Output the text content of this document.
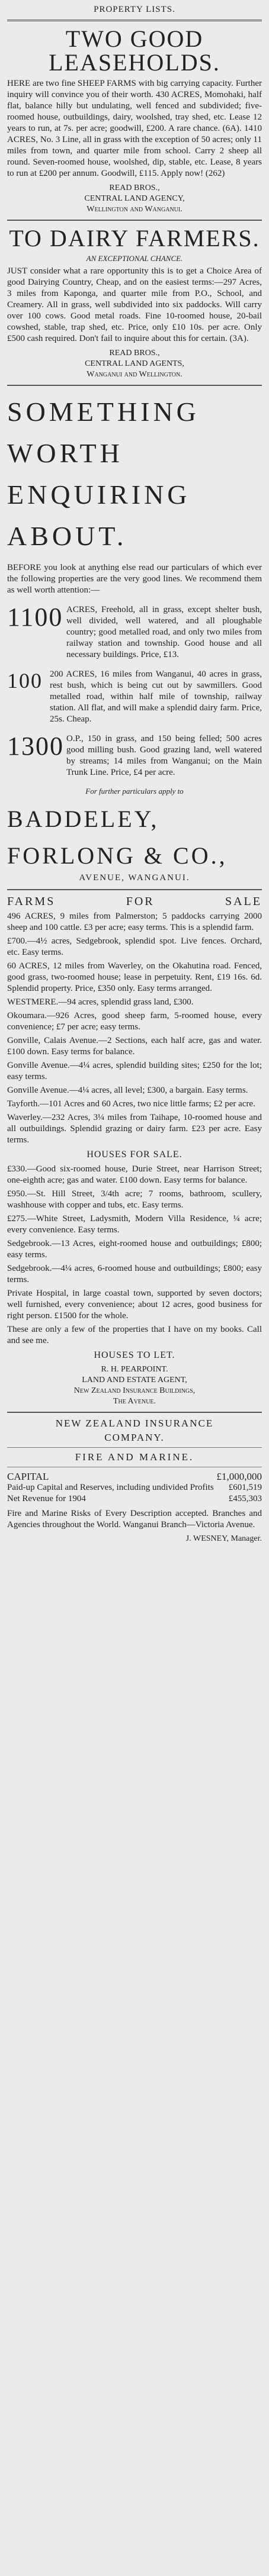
PROPERTY LISTS.
TWO GOOD LEASEHOLDS.
HERE are two fine SHEEP FARMS with big carrying capacity. Further inquiry will convince you of their worth. 430 ACRES, Momohaki, half flat, balance hilly but undulating, well fenced and subdivided; five-roomed house, outbuildings, dairy, woolshed, tray shed, etc. Lease 12 years to run, at 7s. per acre; goodwill, £200. A rare chance. (6A). 1410 ACRES, No. 3 Line, all in grass with the exception of 50 acres; only 11 miles from town, and quarter mile from school. Carry 2 sheep all round. Seven-roomed house, woolshed, dip, stable, etc. Lease, 8 years to run at £200 per annum. Goodwill, £115. Apply now! (262)
READ BROS.,
CENTRAL LAND AGENCY,
Wellington and Wanganui.
TO DAIRY FARMERS.
AN EXCEPTIONAL CHANCE.
JUST consider what a rare opportunity this is to get a Choice Area of good Dairying Country, Cheap, and on the easiest terms:—297 Acres, 3 miles from Kaponga, and quarter mile from P.O., School, and Creamery. All in grass, well subdivided into six paddocks. Will carry over 100 cows. Good metal roads. Fine 10-roomed house, 20-bail cowshed, stable, trap shed, etc. Price, only £10 10s. per acre. Only £500 cash required. Don't fail to inquire about this for certain. (3A).
READ BROS.,
CENTRAL LAND AGENTS,
Wanganui and Wellington.
SOMETHING
WORTH
ENQUIRING
ABOUT.
BEFORE you look at anything else read our particulars of which ever the following properties are the very good lines. We recommend them as well worth attention:—
1100 ACRES, Freehold, all in grass, except shelter bush, well divided, well watered, and all ploughable country; good metalled road, and only two miles from railway station and township. Good house and all necessary buildings. Price, £13.
100 200 ACRES, 16 miles from Wanganui, 40 acres in grass, rest bush, which is being cut out by sawmillers. Good metalled road, within half mile of township, railway station. All flat, and will make a splendid dairy farm. Price, 25s. Cheap.
1300 O.P., 150 in grass, and 150 being felled; 500 acres good milling bush. Good grazing land, well watered by streams; 14 miles from Wanganui; on the Main Trunk Line. Price, £4 per acre.
For further particulars apply to
BADDELEY,
FORLONG & CO.,
AVENUE, WANGANUI.
FARMS	FOR	SALE
496 ACRES, 9 miles from Palmerston; 5 paddocks carrying 2000 sheep and 100 cattle. £3 per acre; easy terms. This is a splendid farm.
£700.—4½ acres, Sedgebrook, splendid spot. Live fences. Orchard, etc. Easy terms.
60 ACRES, 12 miles from Waverley, on the Okahutina road. Fenced, good grass, two-roomed house; lease in perpetuity. Rent, £19 16s. 6d. Splendid property. Price, £350 only. Easy terms arranged.
WESTMERE.—94 acres, splendid grass land, £300.
Okoumara.—926 Acres, good sheep farm, 5-roomed house, every convenience; £7 per acre; easy terms.
Gonville, Calais Avenue.—2 Sections, each half acre, gas and water. £100 down. Easy terms for balance.
Gonville Avenue.—4¼ acres, splendid building sites; £250 for the lot; easy terms.
Gonville Avenue.—4¼ acres, all level; £300, a bargain. Easy terms.
Tayforth.—101 Acres and 60 Acres, two nice little farms; £2 per acre.
Waverley.—232 Acres, 3¼ miles from Taihape, 10-roomed house and all outbuildings. Splendid grazing or dairy farm. £23 per acre. Easy terms.
HOUSES FOR SALE.
£330.—Good six-roomed house, Durie Street, near Harrison Street; one-eighth acre; gas and water. £100 down. Easy terms for balance.
£950.—St. Hill Street, 3/4th acre; 7 rooms, bathroom, scullery, washhouse with copper and tubs, etc. Easy terms.
£275.—White Street, Ladysmith, Modern Villa Residence, ¼ acre; every convenience. Easy terms.
Sedgebrook.—13 Acres, eight-roomed house and outbuildings; £800; easy terms.
Sedgebrook.—4¼ acres, 6-roomed house and outbuildings; £800; easy terms.
Private Hospital, in large coastal town, supported by seven doctors; well furnished, every convenience; about 12 acres, good business for right person. £1500 for the whole.
These are only a few of the properties that I have on my books. Call and see me.
HOUSES TO LET.
R. H. PEARPOINT.
LAND AND ESTATE AGENT,
New Zealand Insurance Buildings,
The Avenue.
NEW ZEALAND INSURANCE
COMPANY.
FIRE AND MARINE.
CAPITAL	£1,000,000
Paid-up Capital and Reserves, including undivided Profits	£601,519
Net Revenue for 1904	£455,303
Fire and Marine Risks of Every Description accepted. Branches and Agencies throughout the World. Wanganui Branch—Victoria Avenue.
J. WESNEY, Manager.
